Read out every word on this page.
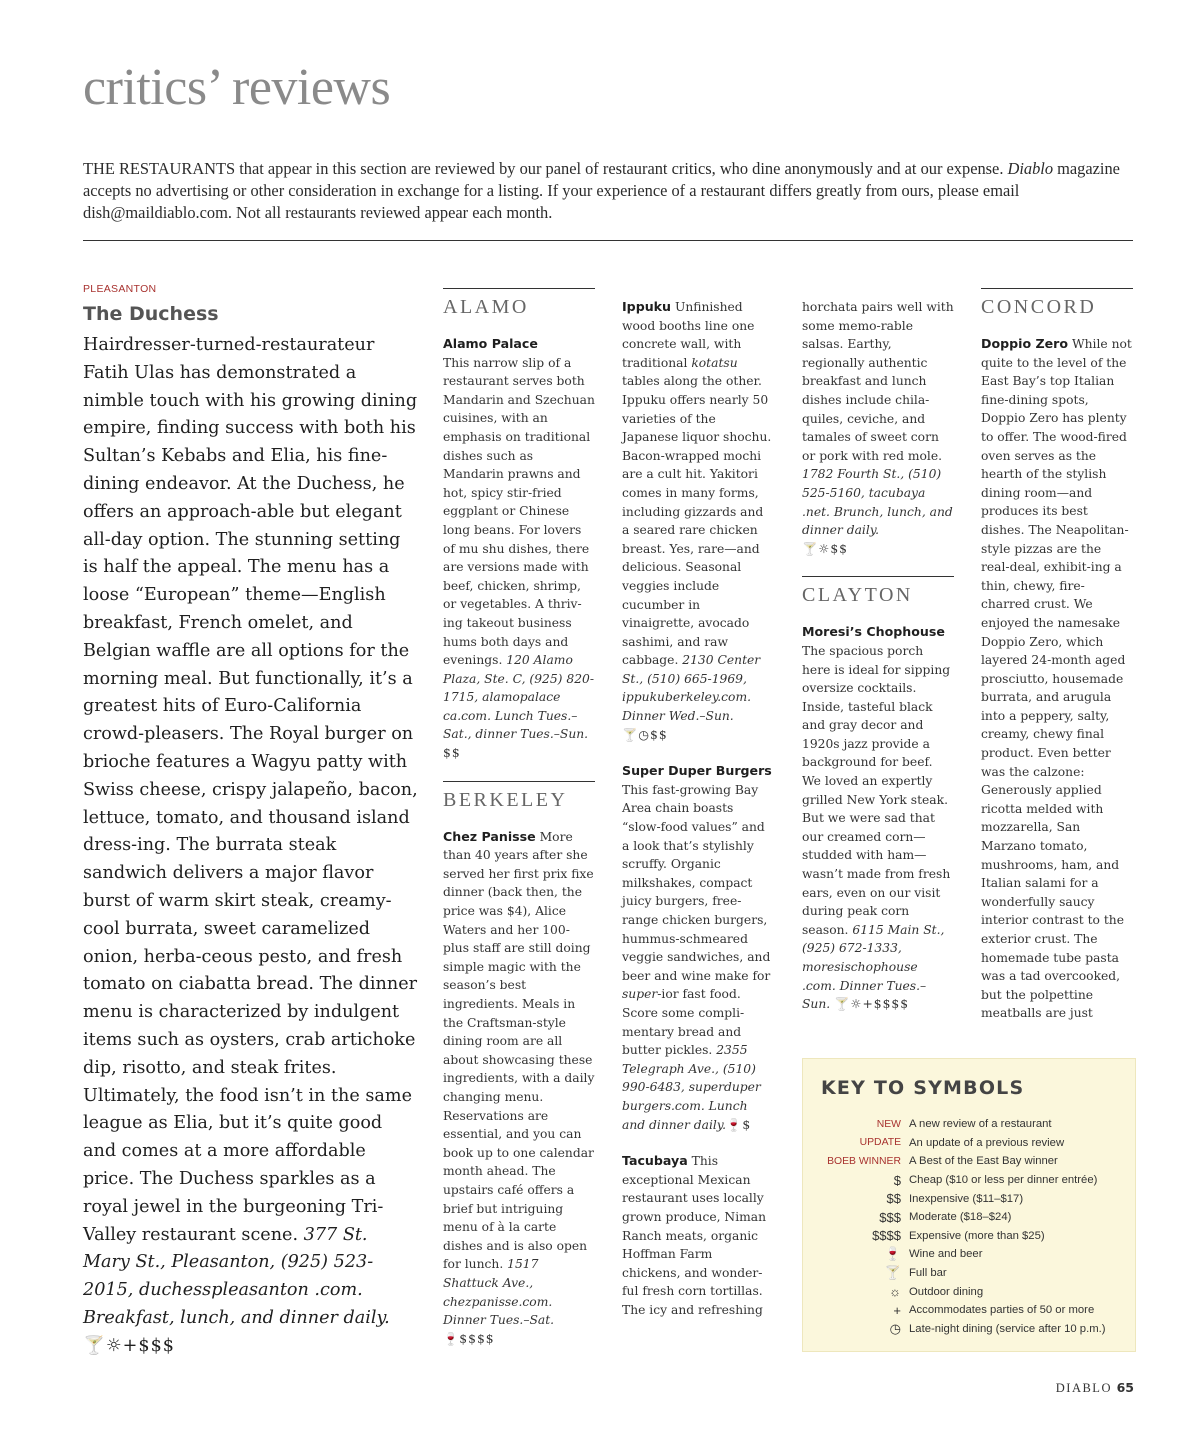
critics’ reviews

THE RESTAURANTS that appear in this section are reviewed by our panel of restaurant critics, who dine anonymously and at our expense. Diablo magazine accepts no advertising or other consideration in exchange for a listing. If your experience of a restaurant differs greatly from ours, please email dish@maildiablo.com. Not all restaurants reviewed appear each month.

PLEASANTON
The Duchess
Hairdresser-turned-restaurateur Fatih Ulas has demonstrated a nimble touch with his growing dining empire, finding success with both his Sultan’s Kebabs and Elia, his fine-dining endeavor. At the Duchess, he offers an approach-able but elegant all-day option. The stunning setting is half the appeal. The menu has a loose “European” theme—English breakfast, French omelet, and Belgian waffle are all options for the morning meal. But functionally, it’s a greatest hits of Euro-California crowd-pleasers. The Royal burger on brioche features a Wagyu patty with Swiss cheese, crispy jalapeño, bacon, lettuce, tomato, and thousand island dress-ing. The burrata steak sandwich delivers a major flavor burst of warm skirt steak, creamy-cool burrata, sweet caramelized onion, herba-ceous pesto, and fresh tomato on ciabatta bread. The dinner menu is characterized by indulgent items such as oysters, crab artichoke dip, risotto, and steak frites. Ultimately, the food isn’t in the same league as Elia, but it’s quite good and comes at a more affordable price. The Duchess sparkles as a royal jewel in the burgeoning Tri-Valley restaurant scene. 377 St. Mary St., Pleasanton, (925) 523-2015, duchesspleasanton .com. Breakfast, lunch, and dinner daily. 🍸☼+$$$
ALAMO

Alamo Palace
This narrow slip of a restaurant serves both Mandarin and Szechuan cuisines, with an emphasis on traditional dishes such as Mandarin prawns and hot, spicy stir-fried eggplant or Chinese long beans. For lovers of mu shu dishes, there are versions made with beef, chicken, shrimp, or vegetables. A thriv-ing takeout business hums both days and evenings. 120 Alamo Plaza, Ste. C, (925) 820-1715, alamopalace ca.com. Lunch Tues.–Sat., dinner Tues.–Sun.
$$

BERKELEY

Chez Panisse More than 40 years after she served her first prix fixe dinner (back then, the price was $4), Alice Waters and her 100-plus staff are still doing simple magic with the season’s best ingredients. Meals in the Craftsman-style dining room are all about showcasing these ingredients, with a daily changing menu. Reservations are essential, and you can book up to one calendar month ahead. The upstairs café offers a brief but intriguing menu of à la carte dishes and is also open for lunch. 1517 Shattuck Ave., chezpanisse.com. Dinner Tues.–Sat.
🍷$$$$

Ippuku Unfinished wood booths line one concrete wall, with traditional kotatsu tables along the other. Ippuku offers nearly 50 varieties of the Japanese liquor shochu. Bacon-wrapped mochi are a cult hit. Yakitori comes in many forms, including gizzards and a seared rare chicken breast. Yes, rare—and delicious. Seasonal veggies include cucumber in vinaigrette, avocado sashimi, and raw cabbage. 2130 Center St., (510) 665-1969, ippukuberkeley.com. Dinner Wed.–Sun.
🍸◷$$

Super Duper Burgers This fast-growing Bay Area chain boasts “slow-food values” and a look that’s stylishly scruffy. Organic milkshakes, compact juicy burgers, free-range chicken burgers, hummus-schmeared veggie sandwiches, and beer and wine make for super-ior fast food. Score some compli-mentary bread and butter pickles. 2355 Telegraph Ave., (510) 990-6483, superduper burgers.com. Lunch and dinner daily.🍷$

Tacubaya This exceptional Mexican restaurant uses locally grown produce, Niman Ranch meats, organic Hoffman Farm chickens, and wonder-ful fresh corn tortillas. The icy and refreshing

horchata pairs well with some memo-rable salsas. Earthy, regionally authentic breakfast and lunch dishes include chila-quiles, ceviche, and tamales of sweet corn or pork with red mole. 1782 Fourth St., (510) 525-5160, tacubaya .net. Brunch, lunch, and dinner daily.
🍸☼$$

CLAYTON

Moresi’s Chophouse
The spacious porch here is ideal for sipping oversize cocktails. Inside, tasteful black and gray decor and 1920s jazz provide a background for beef. We loved an expertly grilled New York steak. But we were sad that our creamed corn—studded with ham—wasn’t made from fresh ears, even on our visit during peak corn season. 6115 Main St., (925) 672-1333, moresischophouse .com. Dinner Tues.–Sun. 🍸☼+$$$$

CONCORD

Doppio Zero While not quite to the level of the East Bay’s top Italian fine-dining spots, Doppio Zero has plenty to offer. The wood-fired oven serves as the hearth of the stylish dining room—and produces its best dishes. The Neapolitan-style pizzas are the real-deal, exhibit-ing a thin, chewy, fire-charred crust. We enjoyed the namesake Doppio Zero, which layered 24-month aged prosciutto, housemade burrata, and arugula into a peppery, salty, creamy, chewy final product. Even better was the calzone: Generously applied ricotta melded with mozzarella, San Marzano tomato, mushrooms, ham, and Italian salami for a wonderfully saucy interior contrast to the exterior crust. The homemade tube pasta was a tad overcooked, but the polpettine meatballs are just

KEY TO SYMBOLS
NEW	A new review of a restaurant
UPDATE	An update of a previous review
BOEB WINNER	A Best of the East Bay winner
$	Cheap ($10 or less per dinner entrée)
$$	Inexpensive ($11–$17)
$$$	Moderate ($18–$24)
$$$$	Expensive (more than $25)
🍷	Wine and beer
🍸	Full bar
☼	Outdoor dining
+	Accommodates parties of 50 or more
◷	Late-night dining (service after 10 p.m.)
DIABLO 65
